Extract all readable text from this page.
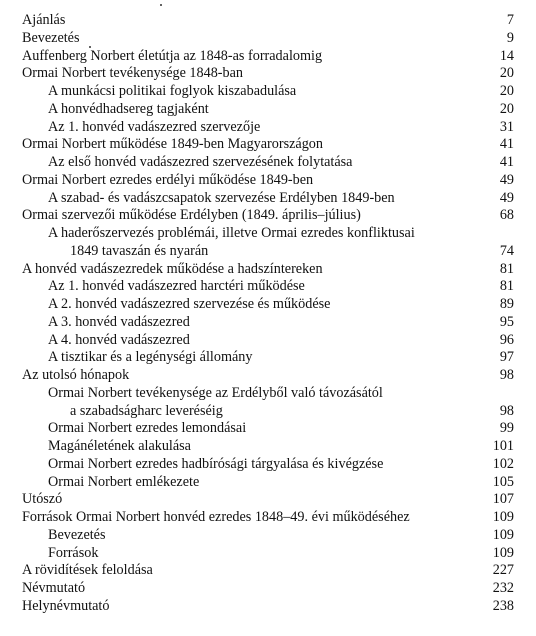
Ajánlás	7
Bevezetés	9
Auffenberg Norbert életútja az 1848-as forradalomig	14
Ormai Norbert tevékenysége 1848-ban	20
A munkácsi politikai foglyok kiszabadulása	20
A honvédhadsereg tagjaként	20
Az 1. honvéd vadászezred szervezője	31
Ormai Norbert működése 1849-ben Magyarországon	41
Az első honvéd vadászezred szervezésének folytatása	41
Ormai Norbert ezredes erdélyi működése 1849-ben	49
A szabad- és vadászcsapatok szervezése Erdélyben 1849-ben	49
Ormai szervezői működése Erdélyben (1849. április–július)	68
A haderőszervezés problémái, illetve Ormai ezredes konfliktusai
1849 tavaszán és nyarán	74
A honvéd vadászezredek működése a hadszíntereken	81
Az 1. honvéd vadászezred harctéri működése	81
A 2. honvéd vadászezred szervezése és működése	89
A 3. honvéd vadászezred	95
A 4. honvéd vadászezred	96
A tisztikar és a legénységi állomány	97
Az utolsó hónapok	98
Ormai Norbert tevékenysége az Erdélyből való távozásától
a szabadságharc leveréséig	98
Ormai Norbert ezredes lemondásai	99
Magánéletének alakulása	101
Ormai Norbert ezredes hadbírósági tárgyalása és kivégzése	102
Ormai Norbert emlékezete	105
Utószó	107
Források Ormai Norbert honvéd ezredes 1848–49. évi működéséhez	109
Bevezetés	109
Források	109
A rövidítések feloldása	227
Névmutató	232
Helynévmutató	238
